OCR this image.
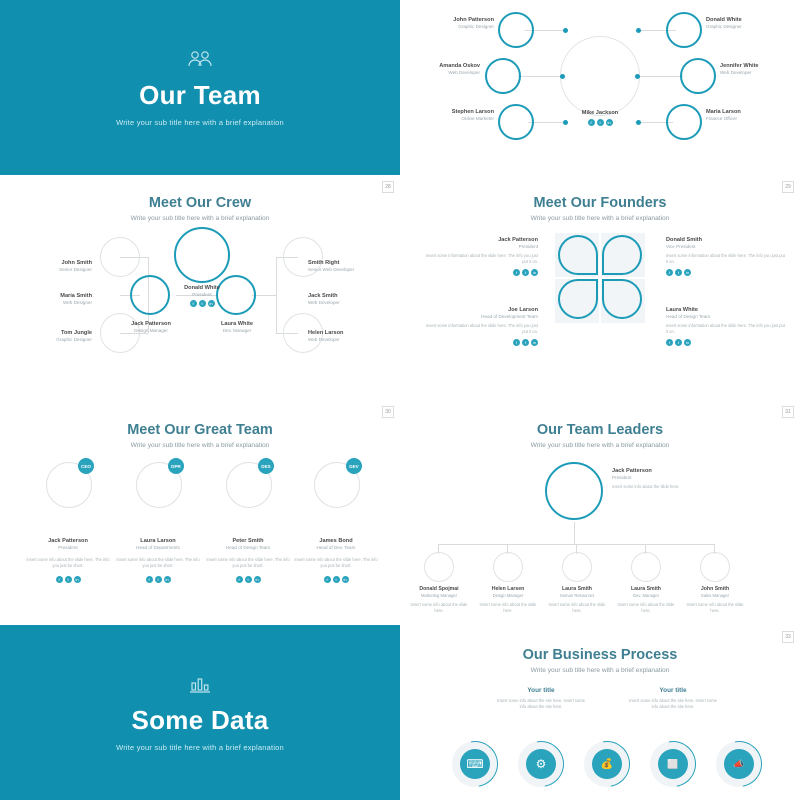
Our Team
Write your sub title here with a brief explanation
John Patterson
Graphic Designer
Donald White
Graphic Designer
Amanda Oskov
Web Developer
Jennifer White
Web Developer
Stephen Larson
Online Marketer
Maria Larson
Finance Officer
Mike Jackson
f	t	in
28
Meet Our Crew
Write your sub title here with a brief explanation
John Smith
Senior Designer
Maria Smith
Web Designer
Tom Jungle
Graphic Designer
Smith Right
Senior Web Developer
Jack Smith
Web Developer
Helen Larson
Web Developer
Jack Patterson
Design Manager
Donald White
President
f	t	in
Laura White
Dev. Manager
29
Meet Our Founders
Write your sub title here with a brief explanation
Jack Patterson
President
Insert some information about the slide here. The info you just put it on.
f	t	in
Donald Smith
Vice President
Insert some information about the slide here. The info you just put it on.
f	t	in
Joe Larson
Head of Development Team
Insert some information about the slide here. The info you just put it on.
f	t	in
Laura White
Head of Design Team
Insert some information about the slide here. The info you just put it on.
f	t	in
30
Meet Our Great Team
Write your sub title here with a brief explanation
CEO
Jack Patterson
President
Insert some info about the slide here. The info you just be short.
f	t	in
DPR
Laura Larson
Head of Departments
Insert some info about the slide here. The info you just be short.
f	t	in
DES
Peter Smith
Head of Design Team
Insert some info about the slide here. The info you just be short.
f	t	in
DEV
James Bond
Head of Dev. Team
Insert some info about the slide here. The info you just be short.
f	t	in
31
Our Team Leaders
Write your sub title here with a brief explanation
Jack Patterson
President
Insert some info about the slide here.
Donald Spojmai
Marketing Manager
Insert some info about the slide here.
Helen Larsen
Design Manager
Insert some info about the slide here.
Laura Smith
Human Resources
Insert some info about the slide here.
Laura Smith
Dev. Manager
Insert some info about the slide here.
John Smith
Sales Manager
Insert some info about the slide here.
Some Data
Write your sub title here with a brief explanation
33
Our Business Process
Write your sub title here with a brief explanation
Your title
Insert some info about the site here. Insert some info about the site here.
Your title
Insert some info about the site here. Insert some info about the site here.
⌨	⚙	💰	⬜	📣
